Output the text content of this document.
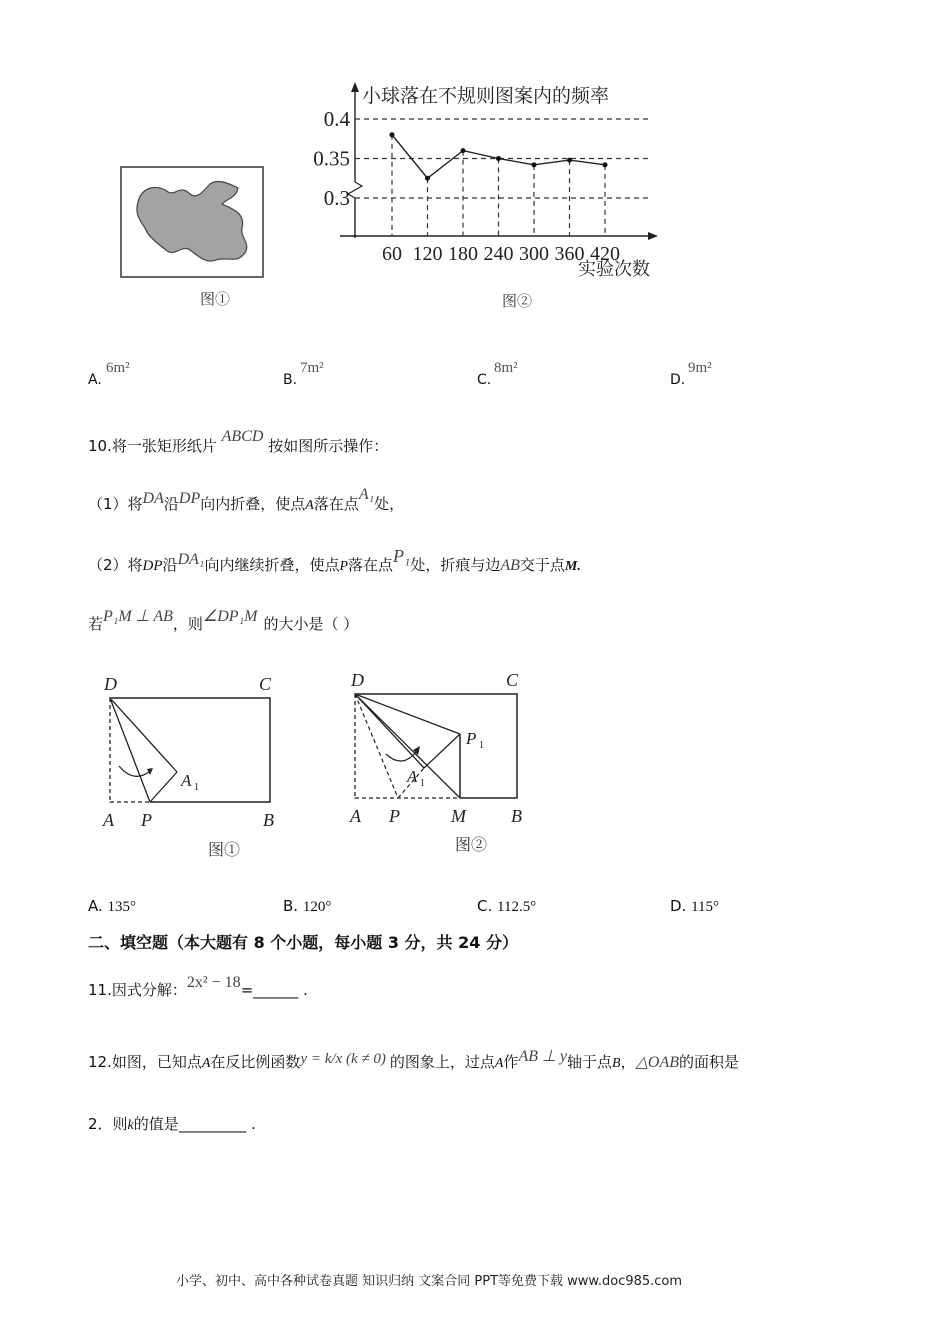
图①
0.3
0.35
0.4
60 120 180 240 300 360 420
小球落在不规则图案内的频率
实验次数
图②
A.
6m²
B.
7m²
C.
8m²
D.
9m²
10.将一张矩形纸片 ABCD 按如图所示操作：
（1）将DA沿DP向内折叠，使点A落在点A₁处，
（2）将DP沿DA₁向内继续折叠，使点P落在点P₁处，折痕与边AB交于点M.
若P₁M ⊥ AB，则∠DP₁M 的大小是（ ）
D	C
A P	B
A 1
图①
D	C
A P	M	B
A 1
P 1
图②
A. 135°	B. 120°	C. 112.5°	D. 115°
二、填空题（本大题有 8 个小题，每小题 3 分，共 24 分）
11.因式分解：2x² − 18=______ .
12.如图，已知点A在反比例函数y = k/x (k ≠ 0) 的图象上，过点A作AB ⊥ y轴于点B，△OAB的面积是
2．则k的值是_________ .
小学、初中、高中各种试卷真题 知识归纳 文案合同 PPT等免费下载 www.doc985.com
